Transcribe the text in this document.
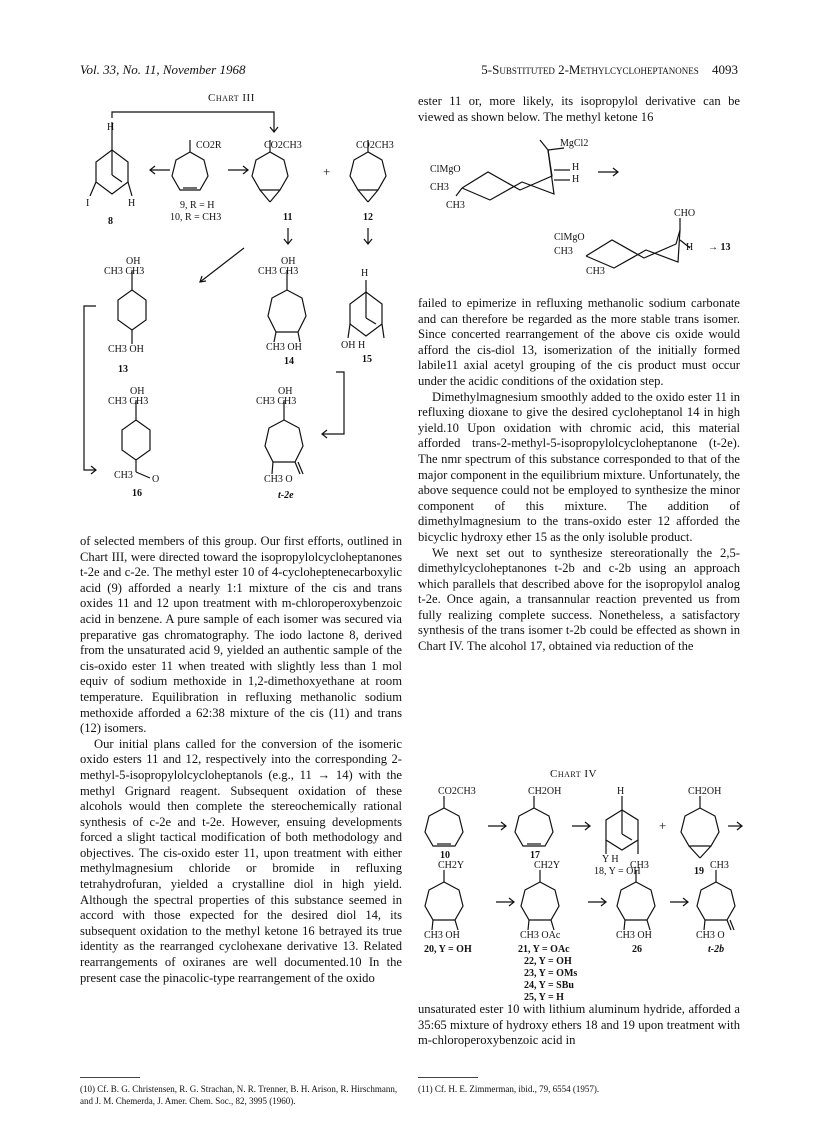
Vol. 33, No. 11, November 1968	5-Substituted 2-Methylcycloheptanones 4093
Chart III
H
CO2R	CO2CH3	CO2CH3
+
I	H
8
9, R = H
10, R = CH3	11	12
OH
CH3 CH3
CH3 OH
13
OH
CH3 CH3
CH3 OH
14
H
OH H
15
OH
CH3 CH3
CH3 O
16
OH
CH3 CH3
CH3 O
t-2e

of selected members of this group. Our first efforts, outlined in Chart III, were directed toward the isopropylolcycloheptanones t-2e and c-2e. The methyl ester 10 of 4-cycloheptenecarboxylic acid (9) afforded a nearly 1:1 mixture of the cis and trans oxides 11 and 12 upon treatment with m-chloroperoxybenzoic acid in benzene. A pure sample of each isomer was secured via preparative gas chromatography. The iodo lactone 8, derived from the unsaturated acid 9, yielded an authentic sample of the cis-oxido ester 11 when treated with slightly less than 1 mol equiv of sodium methoxide in 1,2-dimethoxyethane at room temperature. Equilibration in refluxing methanolic sodium methoxide afforded a 62:38 mixture of the cis (11) and trans (12) isomers.

Our initial plans called for the conversion of the isomeric oxido esters 11 and 12, respectively into the corresponding 2-methyl-5-isopropylolcycloheptanols (e.g., 11 → 14) with the methyl Grignard reagent. Subsequent oxidation of these alcohols would then complete the stereochemically rational synthesis of c-2e and t-2e. However, ensuing developments forced a slight tactical modification of both methodology and objectives. The cis-oxido ester 11, upon treatment with either methylmagnesium chloride or bromide in refluxing tetrahydrofuran, yielded a crystalline diol in high yield. Although the spectral properties of this substance seemed in accord with those expected for the desired diol 14, its subsequent oxidation to the methyl ketone 16 betrayed its true identity as the rearranged cyclohexane derivative 13. Related rearrangements of oxiranes are well documented.10 In the present case the pinacolic-type rearrangement of the oxido

ester 11 or, more likely, its isopropylol derivative can be viewed as shown below. The methyl ketone 16

MgCl2
H
H
ClMgO
CH3
CH3
CHO
ClMgO
CH3
CH3
H → 13

failed to epimerize in refluxing methanolic sodium carbonate and can therefore be regarded as the more stable trans isomer. Since concerted rearrangement of the above cis oxide would afford the cis-diol 13, isomerization of the initially formed labile11 axial acetyl grouping of the cis product must occur under the acidic conditions of the oxidation step.

Dimethylmagnesium smoothly added to the oxido ester 11 in refluxing dioxane to give the desired cycloheptanol 14 in high yield.10 Upon oxidation with chromic acid, this material afforded trans-2-methyl-5-isopropylolcycloheptanone (t-2e). The nmr spectrum of this substance corresponded to that of the major component in the equilibrium mixture. Unfortunately, the above sequence could not be employed to synthesize the minor component of this mixture. The addition of dimethylmagnesium to the trans-oxido ester 12 afforded the bicyclic hydroxy ether 15 as the only isoluble product.

We next set out to synthesize stereorationally the 2,5-dimethylcycloheptanones t-2b and c-2b using an approach which parallels that described above for the isopropylol analog t-2e. Once again, a transannular reaction prevented us from fully realizing complete success. Nonetheless, a satisfactory synthesis of the trans isomer t-2b could be effected as shown in Chart IV. The alcohol 17, obtained via reduction of the

Chart IV
CO2CH3	CH2OH	H	CH2OH
+
10	17	Y H
18, Y = OH	19
CH2Y	CH2Y	CH3	CH3
CH3 OH	CH3 OAc	CH3 OH	CH3 O
20, Y = OH	21, Y = OAc
22, Y = OH
23, Y = OMs
24, Y = SBu
25, Y = H
26	t-2b

unsaturated ester 10 with lithium aluminum hydride, afforded a 35:65 mixture of hydroxy ethers 18 and 19 upon treatment with m-chloroperoxybenzoic acid in

(10) Cf. B. G. Christensen, R. G. Strachan, N. R. Trenner, B. H. Arison, R. Hirschmann, and J. M. Chemerda, J. Amer. Chem. Soc., 82, 3995 (1960).
(11) Cf. H. E. Zimmerman, ibid., 79, 6554 (1957).
